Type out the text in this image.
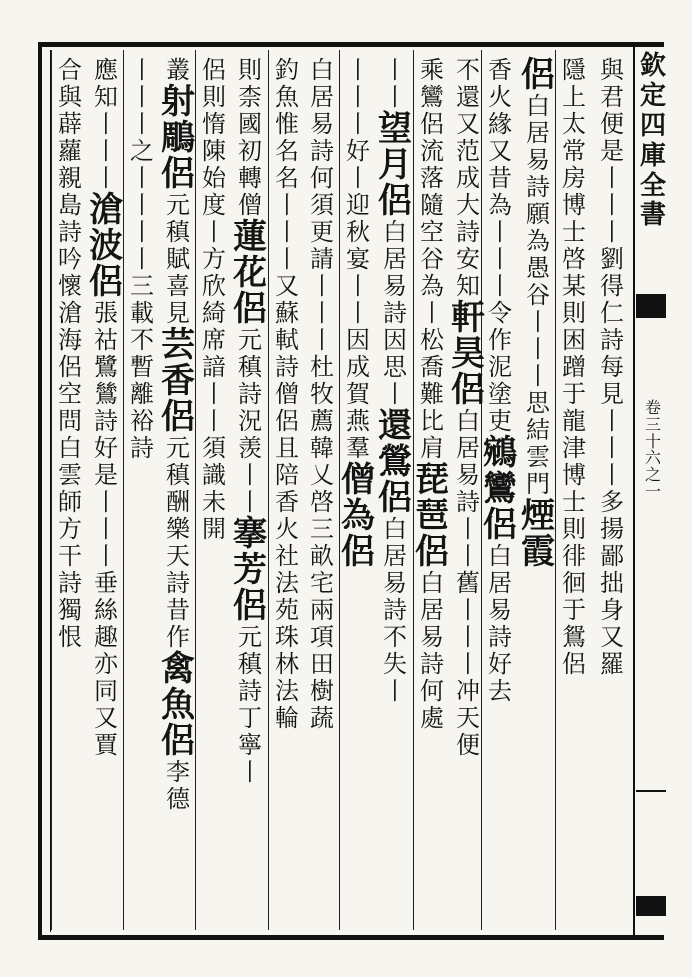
欽
定
四
庫
全
書
卷
三
十
六
之
一
與
君
便
是
丨
丨
丨
劉
得
仁
詩
每
見
丨
丨
丨
多
揚
鄙
拙
身
又
羅
隱
上
太
常
房
博
士
啓
某
則
困
蹭
于
龍
津
博
士
則
徘
徊
于
鴛
侶
侶
白
居
易
詩
願
為
愚
谷
丨
丨
丨
思
結
雲
門
煙
霞
香
火
緣
又
昔
為
丨
丨
丨
令
作
泥
塗
吏
鵷
鸞
侶
白
居
易
詩
好
去
不
還
又
范
成
大
詩
安
知
軒
昊
侶
白
居
易
詩
丨
丨
舊
丨
丨
丨
冲
天
便
乘
鸞
侶
流
落
隨
空
谷
為
丨
松
喬
難
比
肩
琵
琶
侶
白
居
易
詩
何
處
丨
丨
望
月
侶
白
居
易
詩
因
思
丨
還
鶯
侶
白
居
易
詩
不
失
丨
丨
丨
丨
好
丨
迎
秋
宴
丨
丨
因
成
賀
燕
羣
僧
為
侶
白
居
易
詩
何
須
更
請
丨
丨
丨
杜
牧
薦
韓
乂
啓
三
畝
宅
兩
項
田
樹
蔬
釣
魚
惟
名
名
丨
丨
丨
又
蘇
軾
詩
僧
侶
且
陪
香
火
社
法
苑
珠
林
法
輪
則
柰
國
初
轉
僧
蓮
花
侶
元
稹
詩
況
羡
丨
丨
搴
芳
侶
元
稹
詩
丁
寧
丨
侶
則
惰
陳
始
度
丨
方
欣
綺
席
諳
丨
丨
須
識
未
開
叢
射
鵰
侶
元
稹
賦
喜
見
芸
香
侶
元
稹
酬
樂
天
詩
昔
作
禽
魚
侶
李
德
丨
丨
丨
之
丨
丨
丨
丨
三
載
不
暫
離
裕
詩
應
知
丨
丨
丨
滄
波
侶
張
祜
鷺
鷥
詩
好
是
丨
丨
丨
垂
絲
趣
亦
同
又
賈
合
與
薜
蘿
親
島
詩
吟
懷
滄
海
侶
空
問
白
雲
師
方
干
詩
獨
恨
